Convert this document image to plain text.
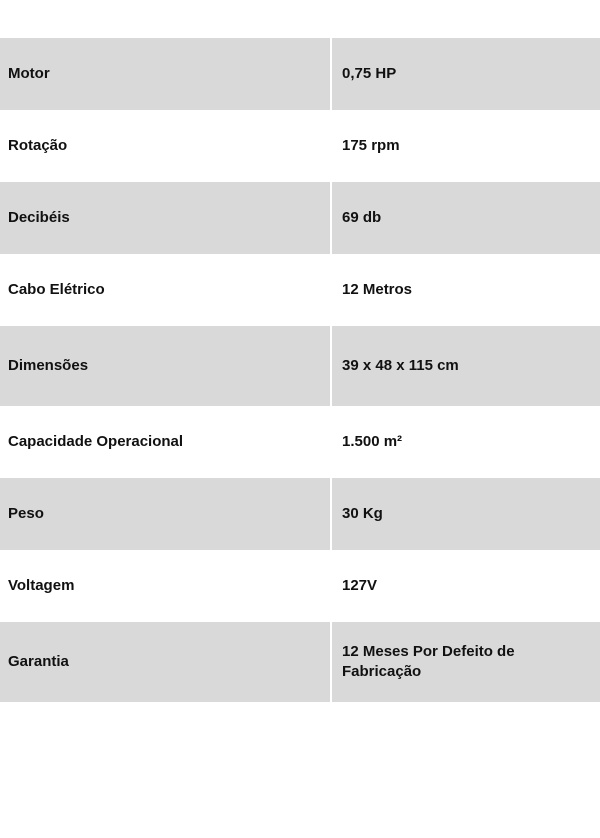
Motor	0,75 HP
Rotação	175 rpm
Decibéis	69 db
Cabo Elétrico	12 Metros
Dimensões	39 x 48 x 115 cm
Capacidade Operacional	1.500 m²
Peso	30 Kg
Voltagem	127V
Garantia	12 Meses Por Defeito de Fabricação
